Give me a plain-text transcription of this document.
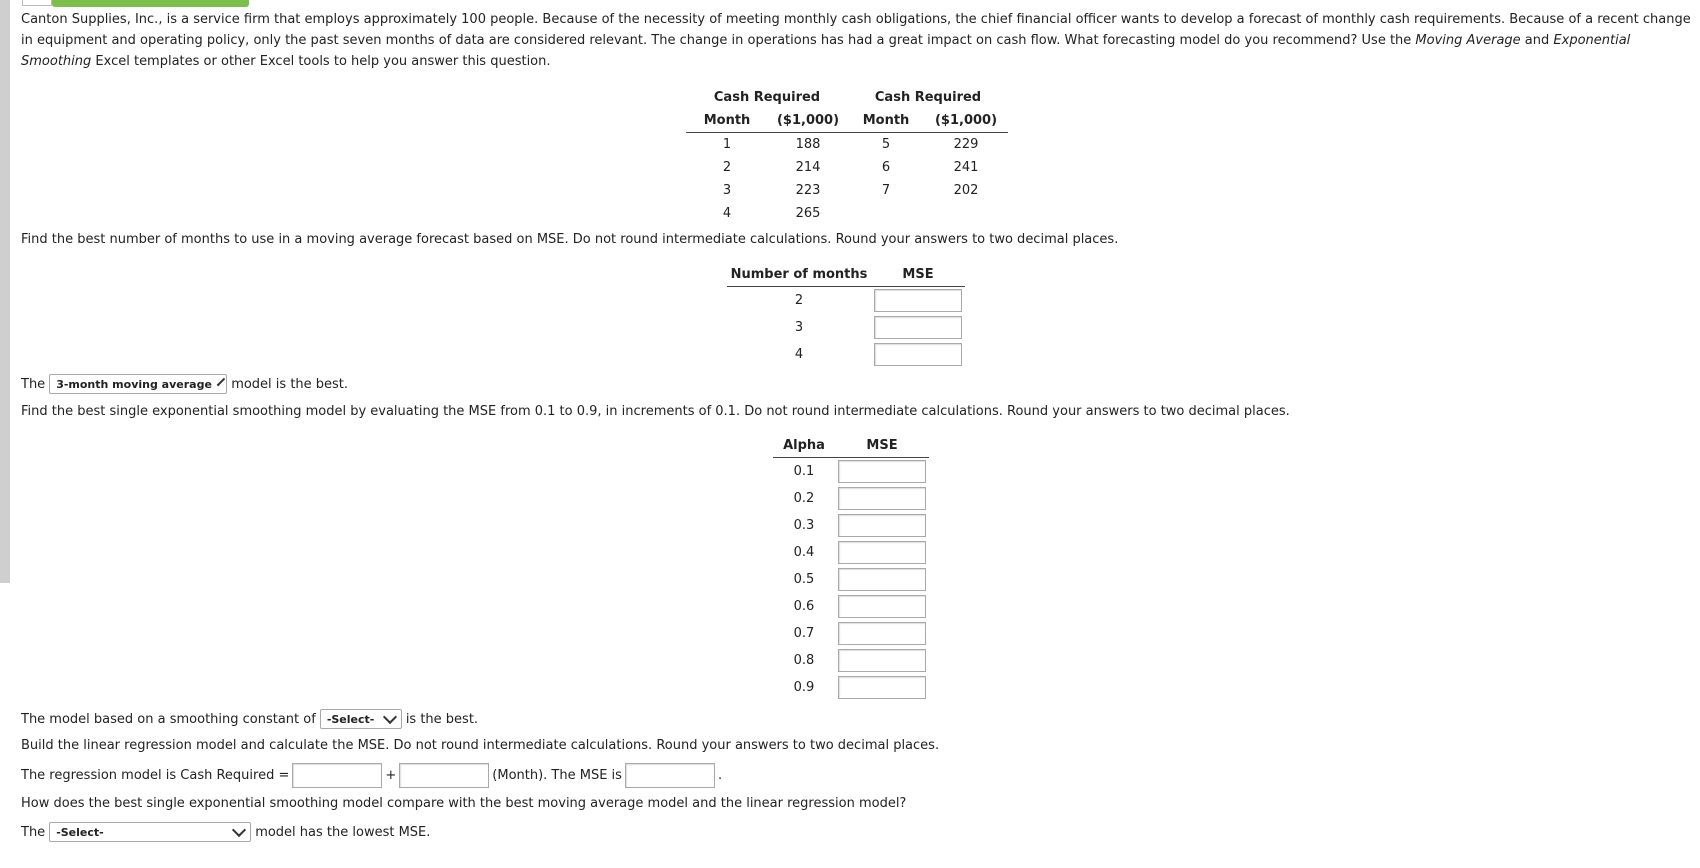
Canton Supplies, Inc., is a service firm that employs approximately 100 people. Because of the necessity of meeting monthly cash obligations, the chief financial officer wants to develop a forecast of monthly cash requirements. Because of a recent change in equipment and operating policy, only the past seven months of data are considered relevant. The change in operations has had a great impact on cash flow. What forecasting model do you recommend? Use the Moving Average and Exponential Smoothing Excel templates or other Excel tools to help you answer this question.

Cash Required		Cash Required	
Month	($1,000)	Month	($1,000)
1	188	5	229
2	214	6	241
3	223	7	202
4	265		

Find the best number of months to use in a moving average forecast based on MSE. Do not round intermediate calculations. Round your answers to two decimal places.

Number of months	MSE
2	
3	
4	
The 3-month moving average model is the best.

Find the best single exponential smoothing model by evaluating the MSE from 0.1 to 0.9, in increments of 0.1. Do not round intermediate calculations. Round your answers to two decimal places.

Alpha	MSE
0.1	
0.2	
0.3	
0.4	
0.5	
0.6	
0.7	
0.8	
0.9	
The model based on a smoothing constant of -Select- is the best.

Build the linear regression model and calculate the MSE. Do not round intermediate calculations. Round your answers to two decimal places.

The regression model is Cash Required =	+	(Month). The MSE is	.

How does the best single exponential smoothing model compare with the best moving average model and the linear regression model?

The -Select-	model has the lowest MSE.
